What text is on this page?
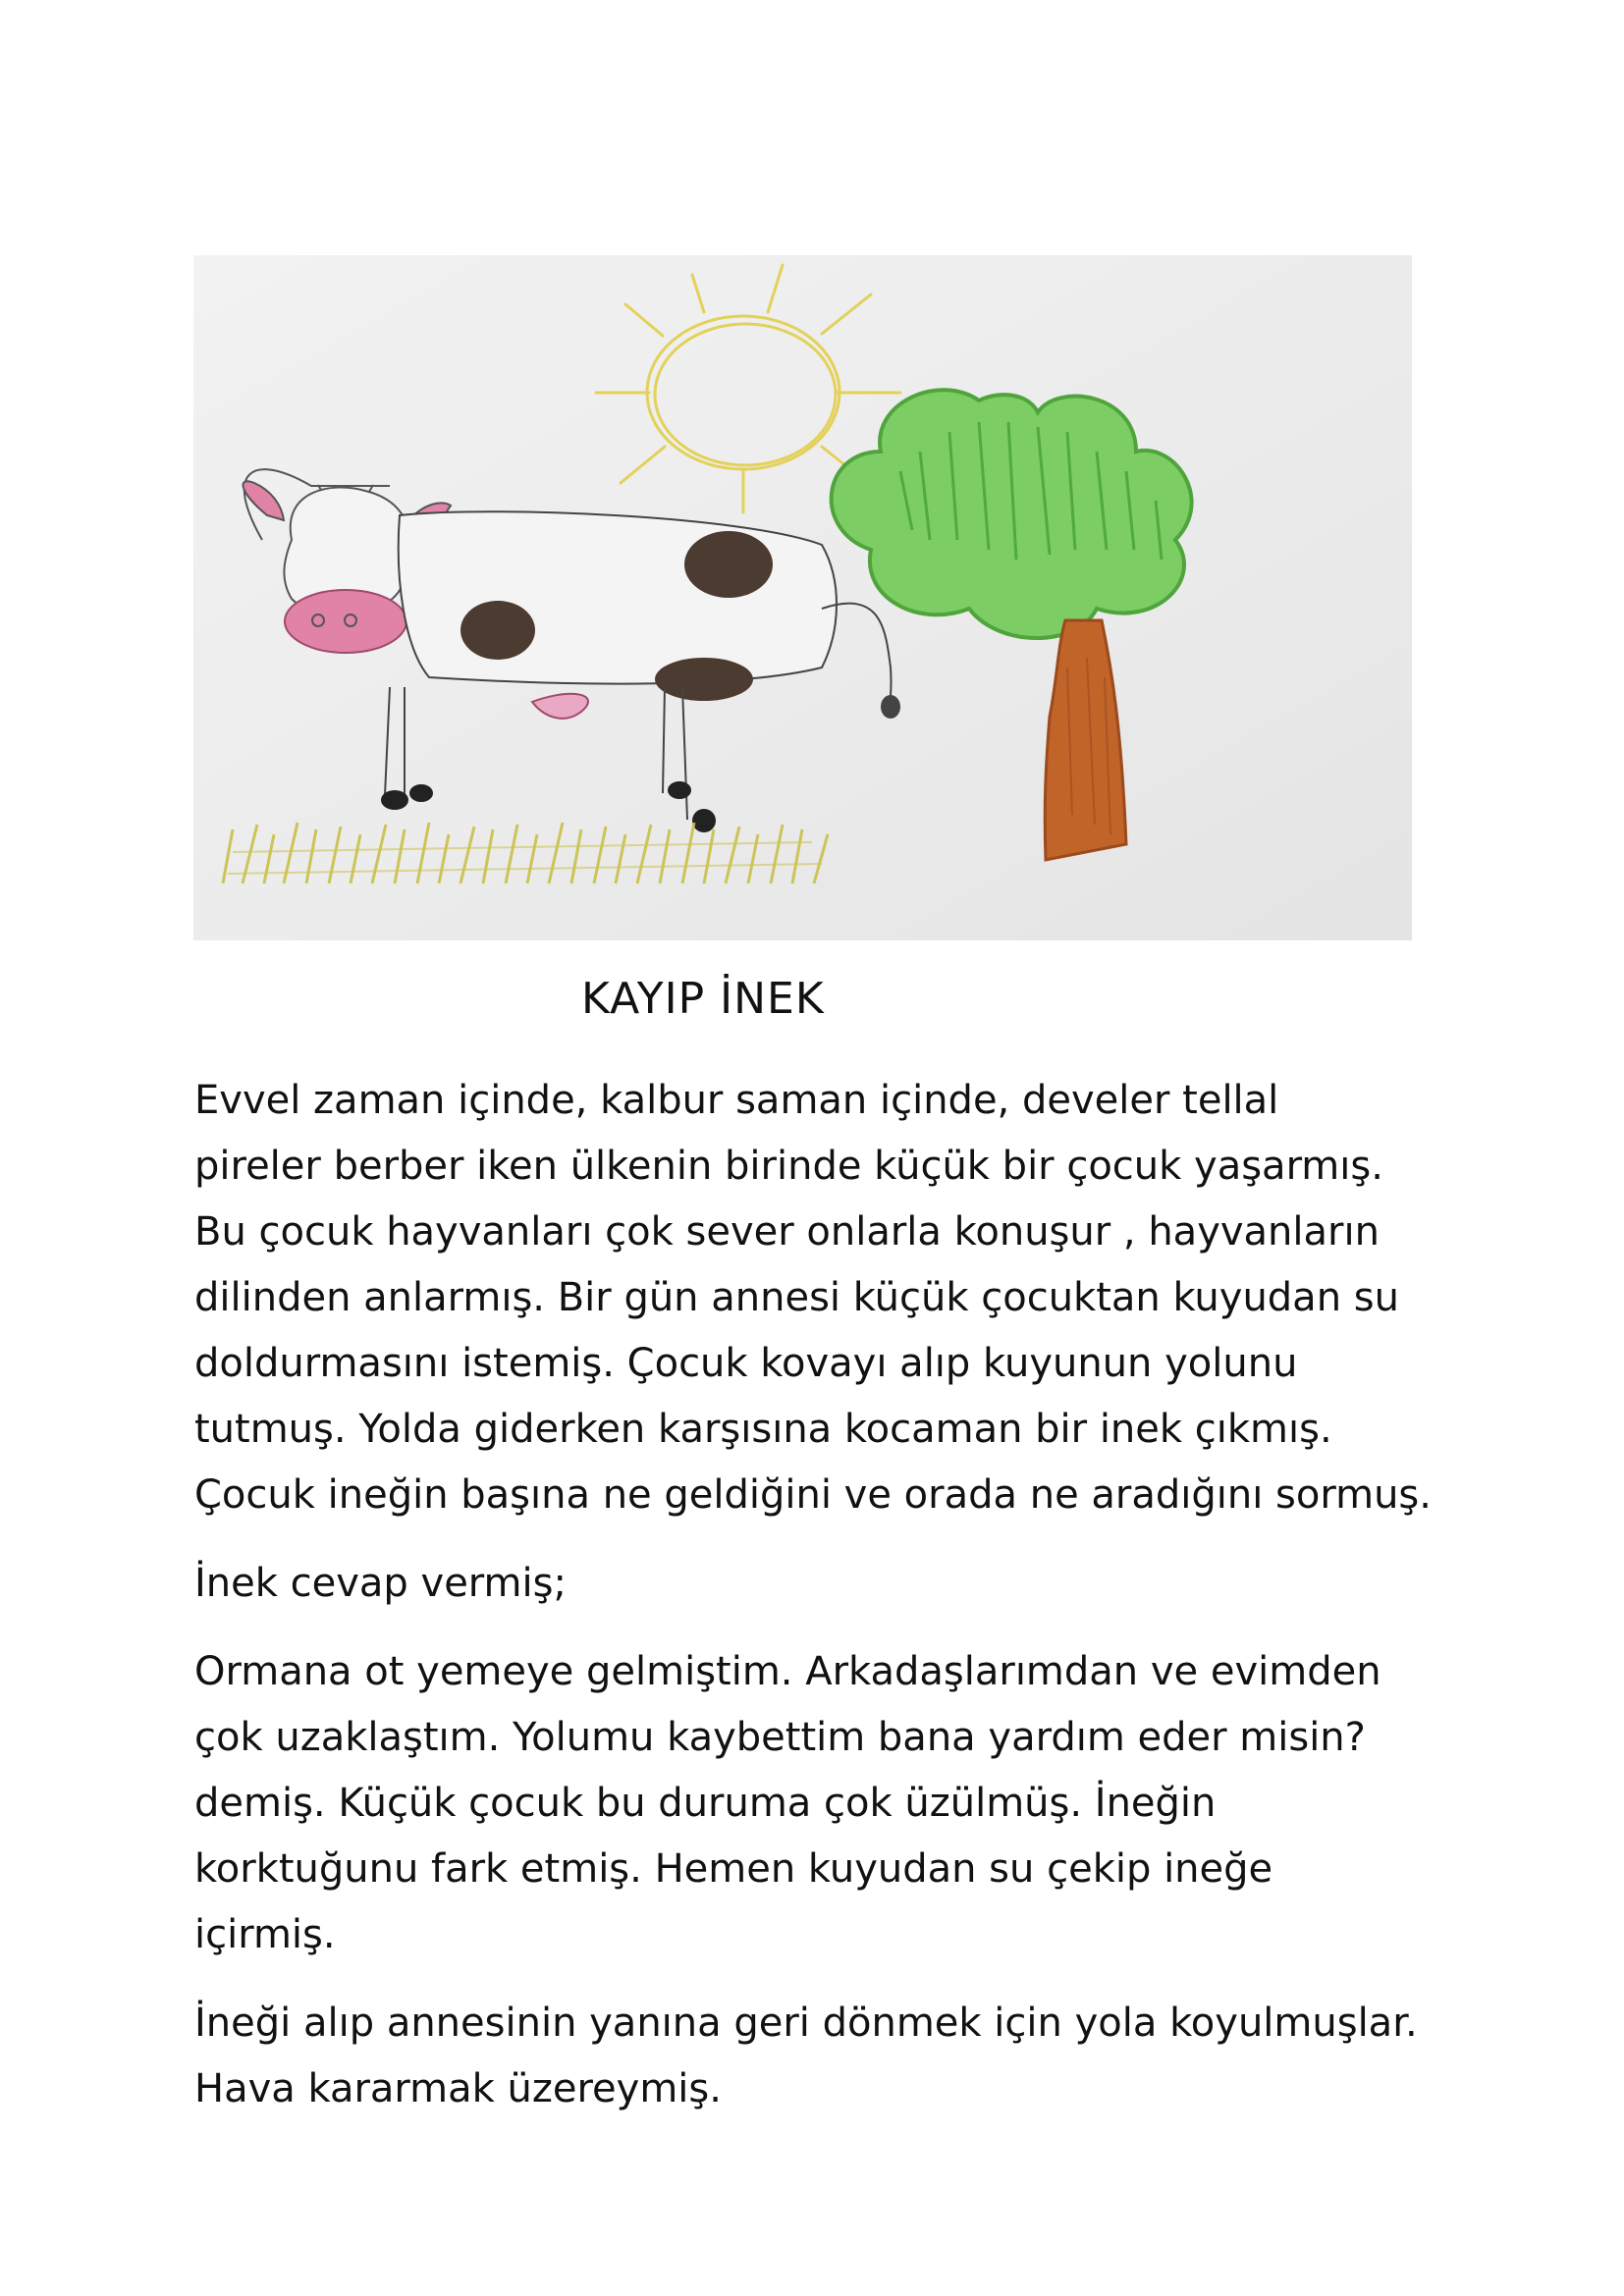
KAYIP İNEK

Evvel zaman içinde, kalbur saman içinde, develer tellal
pireler berber iken ülkenin birinde küçük bir çocuk yaşarmış.
Bu çocuk hayvanları çok sever onlarla konuşur , hayvanların
dilinden anlarmış. Bir gün annesi küçük çocuktan kuyudan su
doldurmasını istemiş. Çocuk kovayı alıp kuyunun yolunu
tutmuş. Yolda giderken karşısına kocaman bir inek çıkmış.
Çocuk ineğin başına ne geldiğini ve orada ne aradığını sormuş.

İnek cevap vermiş;

Ormana ot yemeye gelmiştim. Arkadaşlarımdan ve evimden
çok uzaklaştım. Yolumu kaybettim bana yardım eder misin?
demiş. Küçük çocuk bu duruma çok üzülmüş. İneğin
korktuğunu fark etmiş. Hemen kuyudan su çekip ineğe
içirmiş.

İneği alıp annesinin yanına geri dönmek için yola koyulmuşlar.
Hava kararmak üzereymiş.
